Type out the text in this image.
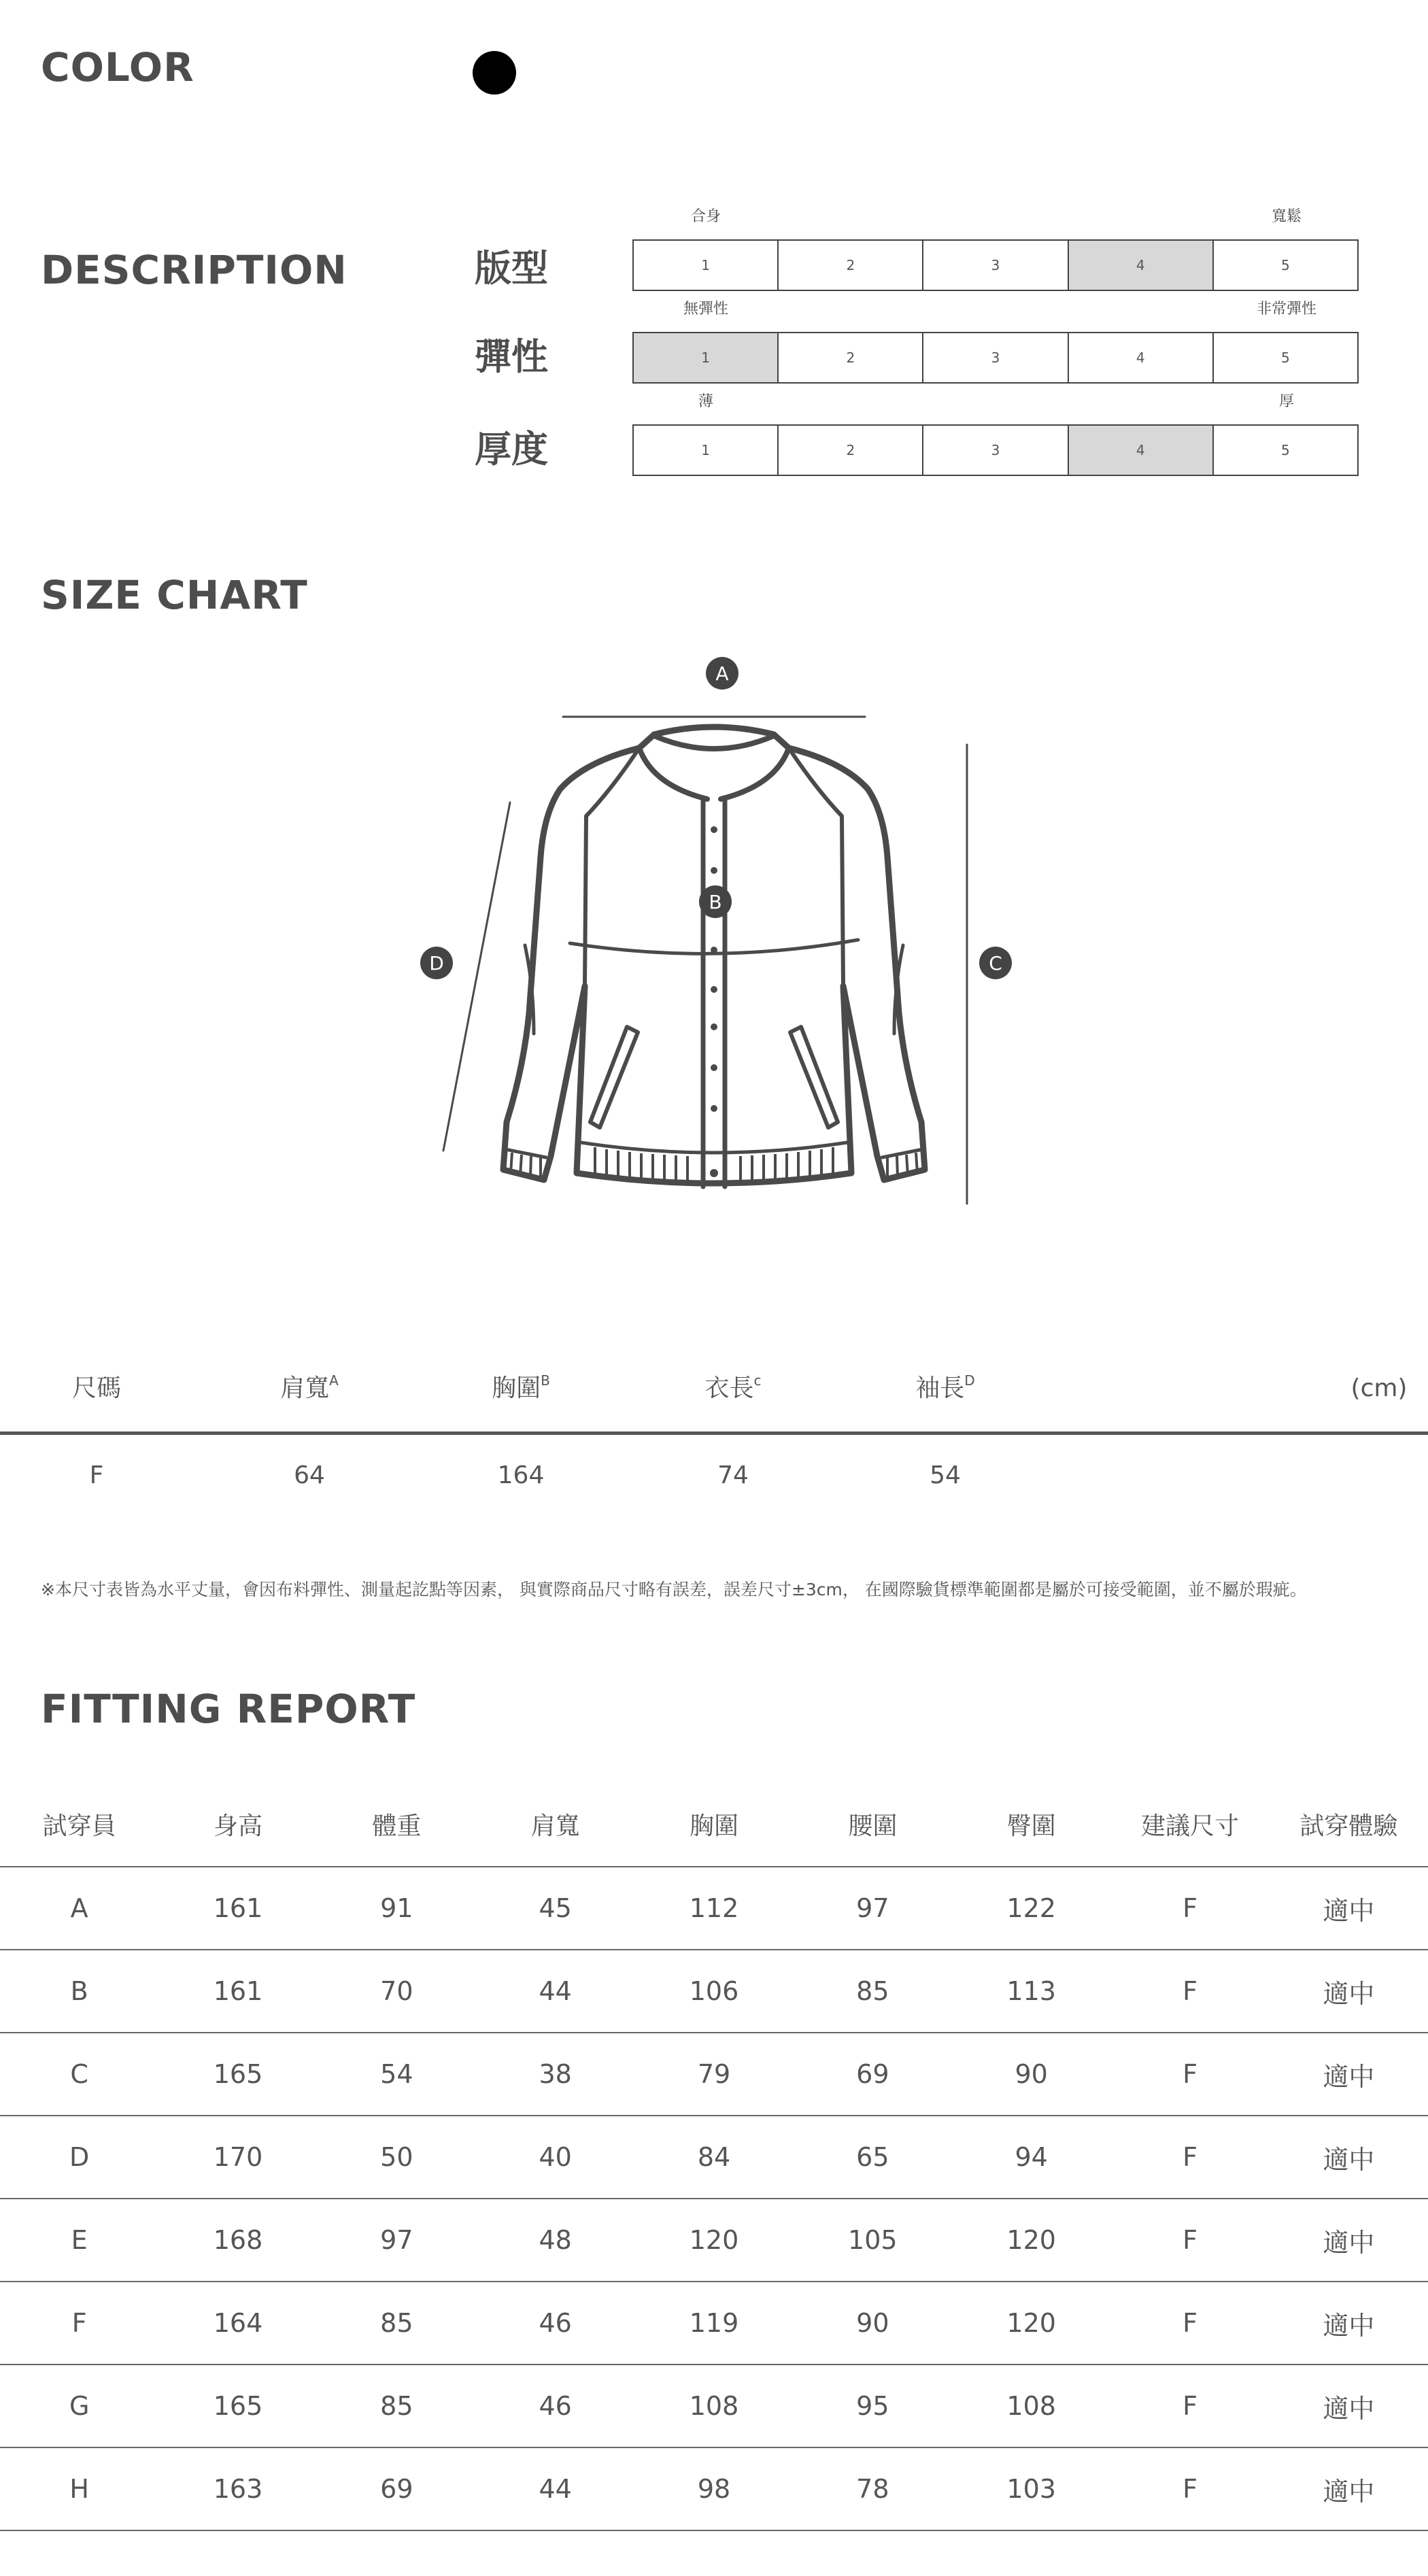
COLOR
DESCRIPTION	版型
合身	寬鬆
1	2	3	4	5
彈性
無彈性	非常彈性
1	2	3	4	5
厚度
薄	厚
1	2	3	4	5
SIZE CHART
A
B
C
D
尺碼	肩寬$^A$	胸圍$^B$	衣長$^c$	袖長$^D$
F	64	164	74	54
(cm)
※本尺寸表皆為水平丈量，會因布料彈性、測量起訖點等因素， 與實際商品尺寸略有誤差，誤差尺寸±3cm， 在國際驗貨標準範圍都是屬於可接受範圍，並不屬於瑕疵。
FITTING REPORT
試穿員	身高	體重	肩寬	胸圍	腰圍	臀圍	建議尺寸	試穿體驗
A	161	91	45	112	97	122	F	適中
B	161	70	44	106	85	113	F	適中
C	165	54	38	79	69	90	F	適中
D	170	50	40	84	65	94	F	適中
E	168	97	48	120	105	120	F	適中
F	164	85	46	119	90	120	F	適中
G	165	85	46	108	95	108	F	適中
H	163	69	44	98	78	103	F	適中
